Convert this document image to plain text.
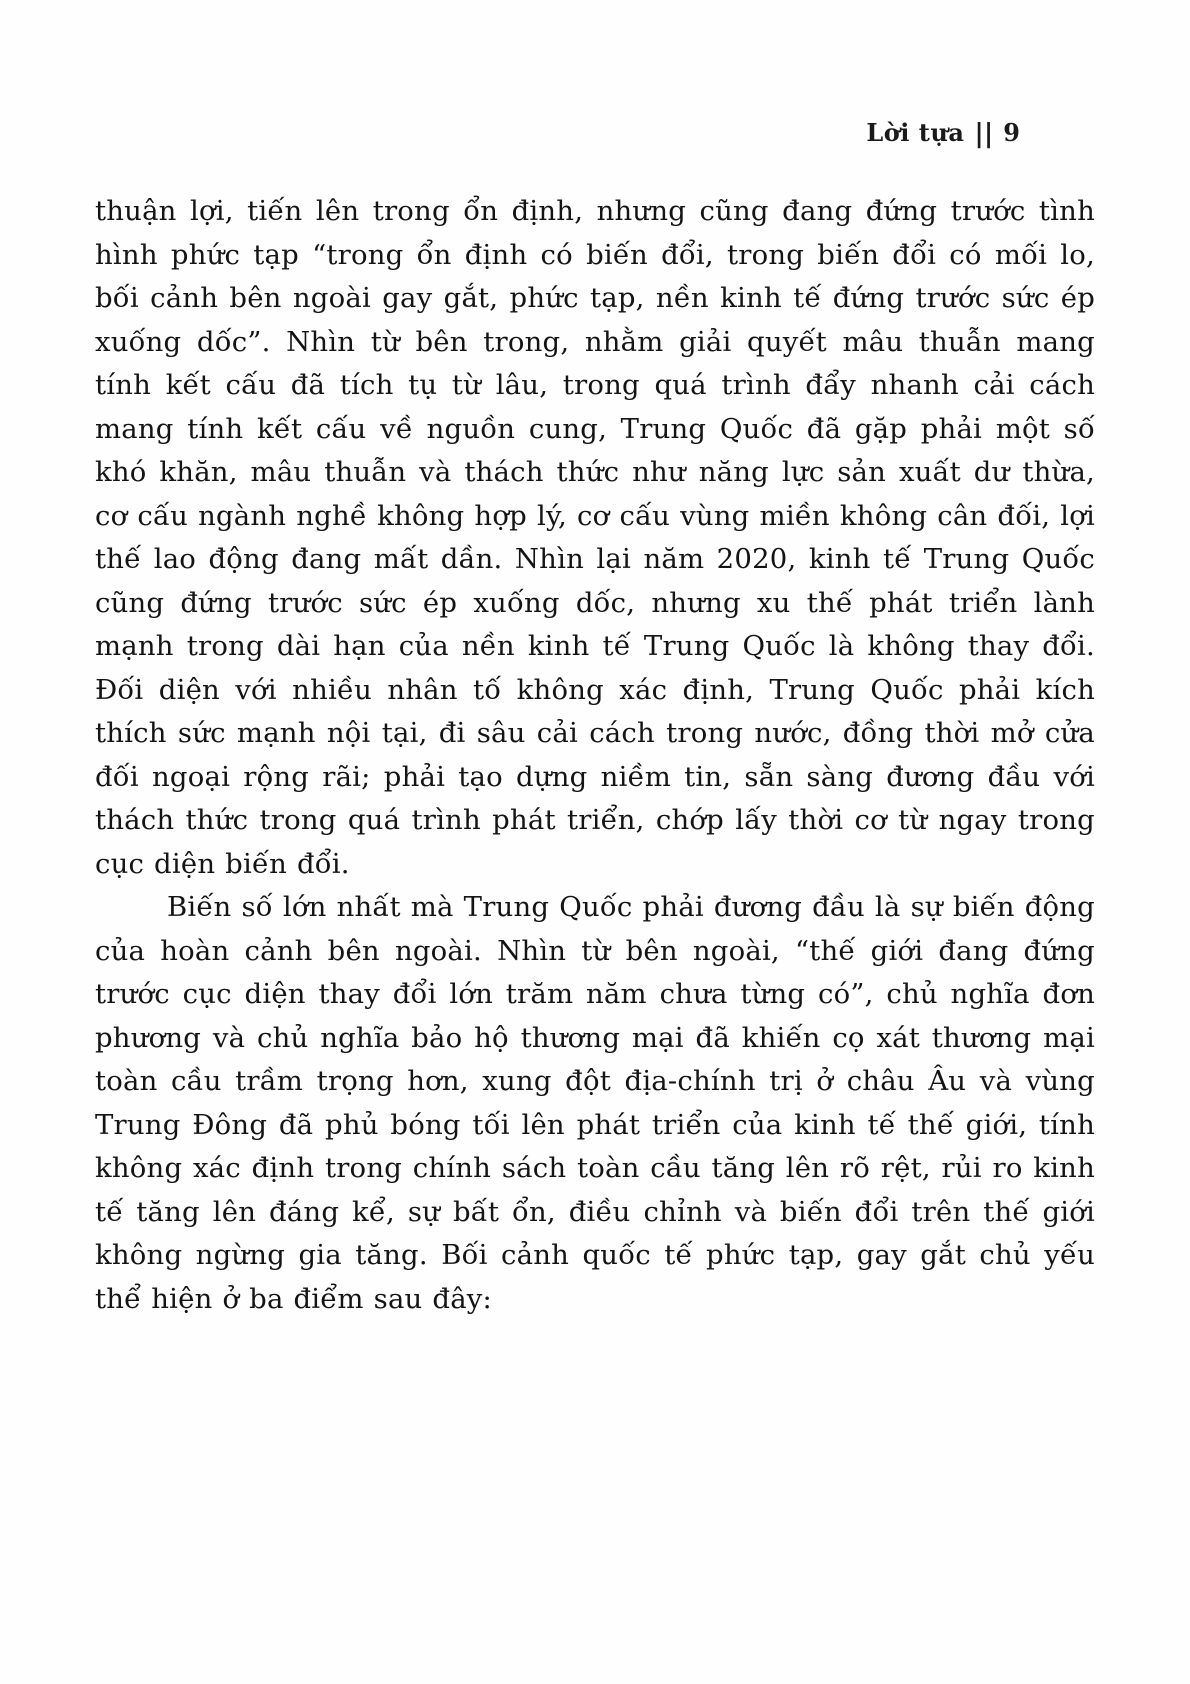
Lời tựa || 9

thuận lợi, tiến lên trong ổn định, nhưng cũng đang đứng trước tình hình phức tạp “trong ổn định có biến đổi, trong biến đổi có mối lo, bối cảnh bên ngoài gay gắt, phức tạp, nền kinh tế đứng trước sức ép xuống dốc”. Nhìn từ bên trong, nhằm giải quyết mâu thuẫn mang tính kết cấu đã tích tụ từ lâu, trong quá trình đẩy nhanh cải cách mang tính kết cấu về nguồn cung, Trung Quốc đã gặp phải một số khó khăn, mâu thuẫn và thách thức như năng lực sản xuất dư thừa, cơ cấu ngành nghề không hợp lý, cơ cấu vùng miền không cân đối, lợi thế lao động đang mất dần. Nhìn lại năm 2020, kinh tế Trung Quốc cũng đứng trước sức ép xuống dốc, nhưng xu thế phát triển lành mạnh trong dài hạn của nền kinh tế Trung Quốc là không thay đổi. Đối diện với nhiều nhân tố không xác định, Trung Quốc phải kích thích sức mạnh nội tại, đi sâu cải cách trong nước, đồng thời mở cửa đối ngoại rộng rãi; phải tạo dựng niềm tin, sẵn sàng đương đầu với thách thức trong quá trình phát triển, chớp lấy thời cơ từ ngay trong cục diện biến đổi.

Biến số lớn nhất mà Trung Quốc phải đương đầu là sự biến động của hoàn cảnh bên ngoài. Nhìn từ bên ngoài, “thế giới đang đứng trước cục diện thay đổi lớn trăm năm chưa từng có”, chủ nghĩa đơn phương và chủ nghĩa bảo hộ thương mại đã khiến cọ xát thương mại toàn cầu trầm trọng hơn, xung đột địa-chính trị ở châu Âu và vùng Trung Đông đã phủ bóng tối lên phát triển của kinh tế thế giới, tính không xác định trong chính sách toàn cầu tăng lên rõ rệt, rủi ro kinh tế tăng lên đáng kể, sự bất ổn, điều chỉnh và biến đổi trên thế giới không ngừng gia tăng. Bối cảnh quốc tế phức tạp, gay gắt chủ yếu thể hiện ở ba điểm sau đây:
